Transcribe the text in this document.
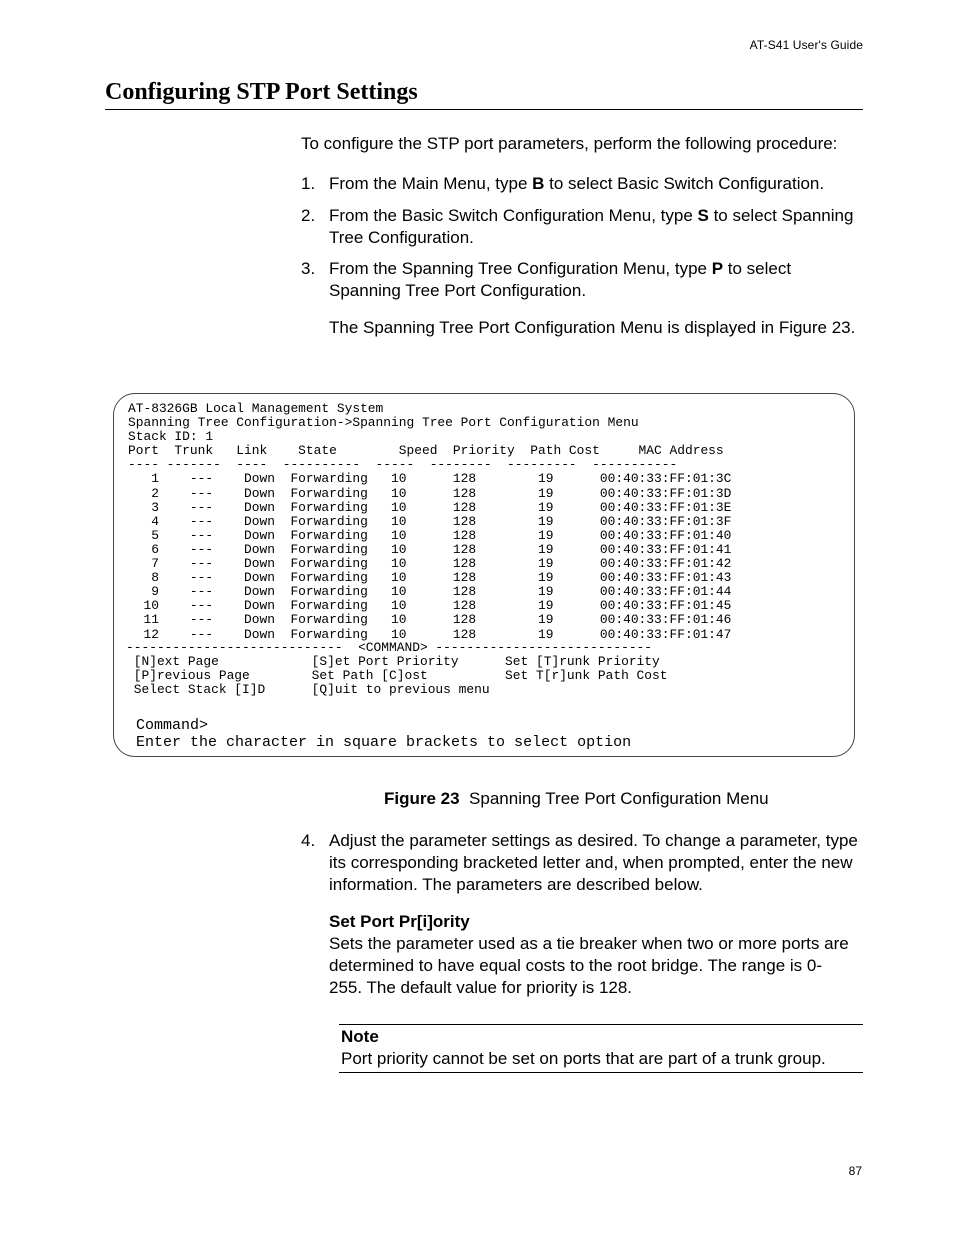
AT-S41 User's Guide
Configuring STP Port Settings
To configure the STP port parameters, perform the following procedure:
1. From the Main Menu, type B to select Basic Switch Configuration.
2. From the Basic Switch Configuration Menu, type S to select Spanning Tree Configuration.
3. From the Spanning Tree Configuration Menu, type P to select Spanning Tree Port Configuration.
The Spanning Tree Port Configuration Menu is displayed in Figure 23.
AT-8326GB Local Management System
Spanning Tree Configuration->Spanning Tree Port Configuration Menu
Stack ID: 1
Port  Trunk   Link    State        Speed  Priority  Path Cost     MAC Address
---- -------  ----  ----------  -----  --------  ---------  -----------
1    ---    Down  Forwarding   10      128        19      00:40:33:FF:01:3C
2    ---    Down  Forwarding   10      128        19      00:40:33:FF:01:3D
3    ---    Down  Forwarding   10      128        19      00:40:33:FF:01:3E
4    ---    Down  Forwarding   10      128        19      00:40:33:FF:01:3F
5    ---    Down  Forwarding   10      128        19      00:40:33:FF:01:40
6    ---    Down  Forwarding   10      128        19      00:40:33:FF:01:41
7    ---    Down  Forwarding   10      128        19      00:40:33:FF:01:42
8    ---    Down  Forwarding   10      128        19      00:40:33:FF:01:43
9    ---    Down  Forwarding   10      128        19      00:40:33:FF:01:44
10    ---    Down  Forwarding   10      128        19      00:40:33:FF:01:45
11    ---    Down  Forwarding   10      128        19      00:40:33:FF:01:46
12    ---    Down  Forwarding   10      128        19      00:40:33:FF:01:47
----------------------------  <COMMAND> ----------------------------
[N]ext Page            [S]et Port Priority      Set [T]runk Priority
[P]revious Page        Set Path [C]ost          Set T[r]unk Path Cost
Select Stack [I]D      [Q]uit to previous menu
Command>
Enter the character in square brackets to select option
Figure 23 Spanning Tree Port Configuration Menu
4. Adjust the parameter settings as desired. To change a parameter, type its corresponding bracketed letter and, when prompted, enter the new information. The parameters are described below.
Set Port Pr[i]ority
Sets the parameter used as a tie breaker when two or more ports are determined to have equal costs to the root bridge. The range is 0-255. The default value for priority is 128.
Note
Port priority cannot be set on ports that are part of a trunk group.
87
